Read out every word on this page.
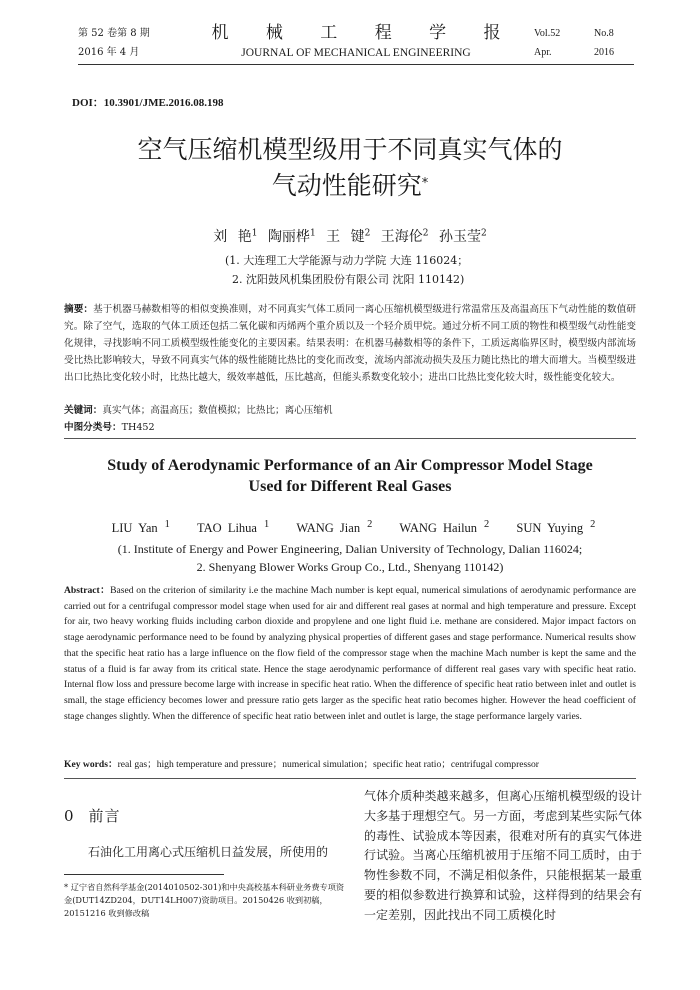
第 52 卷第 8 期
2016 年 4 月
机 械 工 程 学 报
JOURNAL OF MECHANICAL ENGINEERING
Vol.52	No.8
Apr.	2016
DOI：10.3901/JME.2016.08.198
空气压缩机模型级用于不同真实气体的
气动性能研究*
刘 艳$^1$ 陶丽桦$^1$ 王 键$^2$ 王海伦$^2$ 孙玉莹$^2$
(1. 大连理工大学能源与动力学院 大连 116024；
2. 沈阳鼓风机集团股份有限公司 沈阳 110142)
摘要：基于机器马赫数相等的相似变换准则，对不同真实气体工质同一离心压缩机模型级进行常温常压及高温高压下气动性能的数值研究。除了空气，选取的气体工质还包括二氧化碳和丙烯两个重介质以及一个轻介质甲烷。通过分析不同工质的物性和模型级气动性能变化规律，寻找影响不同工质模型级性能变化的主要因素。结果表明：在机器马赫数相等的条件下，工质远离临界区时，模型级内部流场受比热比影响较大，导致不同真实气体的级性能随比热比的变化而改变，流场内部流动损失及压力随比热比的增大而增大。当模型级进出口比热比变化较小时，比热比越大，级效率越低，压比越高，但能头系数变化较小；进出口比热比变化较大时，级性能变化较大。
关键词：真实气体；高温高压；数值模拟；比热比；离心压缩机
中图分类号：TH452
Study of Aerodynamic Performance of an Air Compressor Model Stage
Used for Different Real Gases
LIU Yan $^1$ TAO Lihua $^1$ WANG Jian $^2$ WANG Hailun $^2$ SUN Yuying $^2$
(1. Institute of Energy and Power Engineering, Dalian University of Technology, Dalian 116024;
2. Shenyang Blower Works Group Co., Ltd., Shenyang 110142)
Abstract：Based on the criterion of similarity i.e the machine Mach number is kept equal, numerical simulations of aerodynamic performance are carried out for a centrifugal compressor model stage when used for air and different real gases at normal and high temperature and pressure. Except for air, two heavy working fluids including carbon dioxide and propylene and one light fluid i.e. methane are considered. Major impact factors on stage aerodynamic performance need to be found by analyzing physical properties of different gases and stage performance. Numerical results show that the specific heat ratio has a large influence on the flow field of the compressor stage when the machine Mach number is kept the same and the status of a fluid is far away from its critical state. Hence the stage aerodynamic performance of different real gases vary with specific heat ratio. Internal flow loss and pressure become large with increase in specific heat ratio. When the difference of specific heat ratio between inlet and outlet is small, the stage efficiency becomes lower and pressure ratio gets larger as the specific heat ratio becomes higher. However the head coefficient of stage changes slightly. When the difference of specific heat ratio between inlet and outlet is large, the stage performance largely varies.
Key words：real gas；high temperature and pressure；numerical simulation；specific heat ratio；centrifugal compressor
0 前言
石油化工用离心式压缩机日益发展，所使用的
气体介质种类越来越多，但离心压缩机模型级的设计大多基于理想空气。另一方面，考虑到某些实际气体的毒性、试验成本等因素，很难对所有的真实气体进行试验。当离心压缩机被用于压缩不同工质时，由于物性参数不同，不满足相似条件，只能根据某一最重要的相似参数进行换算和试验，这样得到的结果会有一定差别，因此找出不同工质模化时
* 辽宁省自然科学基金(2014010502-301)和中央高校基本科研业务费专项资金(DUT14ZD204，DUT14LH007)资助项目。20150426 收到初稿，20151216 收到修改稿
